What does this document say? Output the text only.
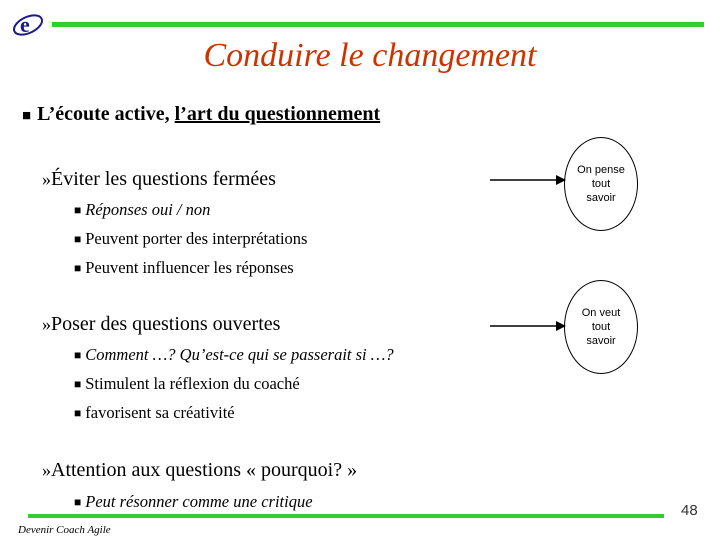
e
Conduire le changement
■ L’écoute active, l’art du questionnement
»Éviter les questions fermées
■ Réponses oui / non
■ Peuvent porter des interprétations
■ Peuvent influencer les réponses
On pense tout savoir
»Poser des questions ouvertes
■ Comment …? Qu’est-ce qui se passerait si …?
■ Stimulent la réflexion du coaché
■ favorisent sa créativité
On veut tout savoir
»Attention aux questions « pourquoi? »
■ Peut résonner comme une critique
Devenir Coach Agile
48
